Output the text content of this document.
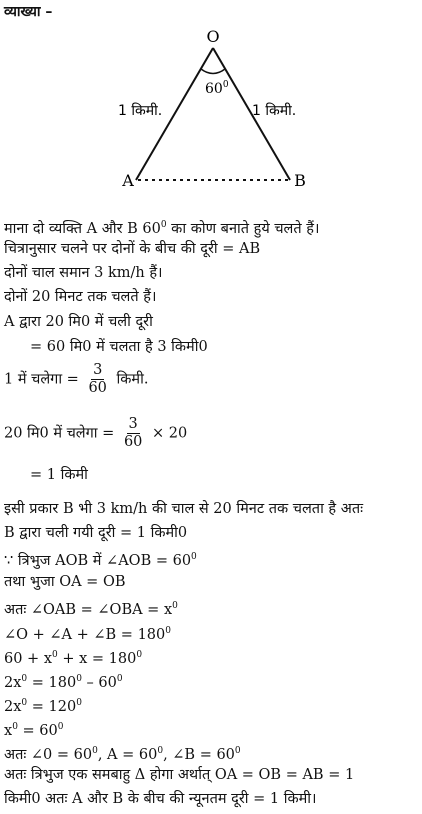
व्याख्या –
O
A	B
$60^0$
1 किमी.	1 किमी.
माना दो व्यक्ति A और B $60^0$ का कोण बनाते हुये चलते हैं।
चित्रानुसार चलने पर दोनों के बीच की दूरी = AB
दोनों चाल समान 3 km/h हैं।
दोनों 20 मिनट तक चलते हैं।
A द्वारा 20 मि0 में चली दूरी
= 60 मि0 में चलता है 3 किमी0
1 में चलेगा = $\frac{3}{60}$ किमी.
20 मि0 में चलेगा = $\frac{3}{60} \times 20$
= 1 किमी
इसी प्रकार B भी 3 km/h की चाल से 20 मिनट तक चलता है अतः
B द्वारा चली गयी दूरी = 1 किमी0
∵ त्रिभुज AOB में ∠AOB = $60^0$
तथा भुजा OA = OB
अतः ∠OAB = ∠OBA = $x^0$
∠O + ∠A + ∠B = $180^0$
$60 + x^0 + x = 180^0$
$2x^0 = 180^0 - 60^0$
$2x^0 = 120^0$
$x^0 = 60^0$
अतः ∠0 = $60^0$, $A = 60^0$, ∠B = $60^0$
अतः त्रिभुज एक समबाहु Δ होगा अर्थात् OA = OB = AB = 1
किमी0 अतः A और B के बीच की न्यूनतम दूरी = 1 किमी।
